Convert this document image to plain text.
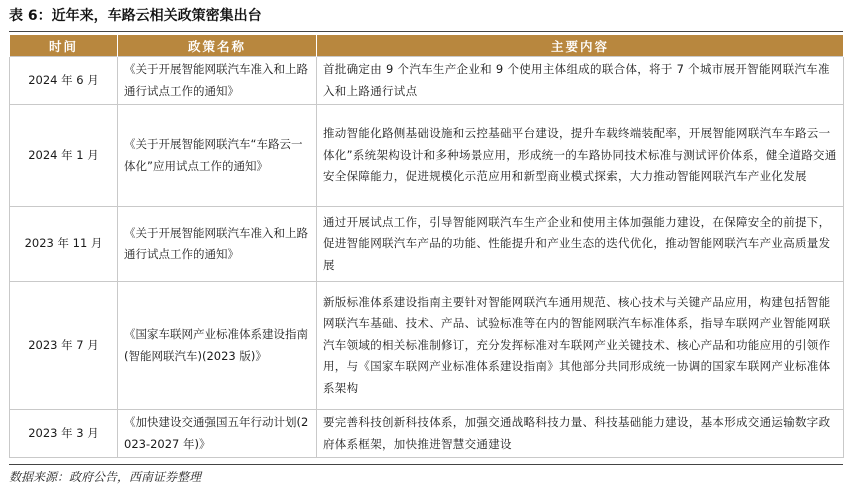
表 6：近年来，车路云相关政策密集出台
时间	政策名称	主要内容
2024 年 6 月	《关于开展智能网联汽车准入和上路通行试点工作的通知》	首批确定由 9 个汽车生产企业和 9 个使用主体组成的联合体，将于 7 个城市展开智能网联汽车准入和上路通行试点
2024 年 1 月	《关于开展智能网联汽车“车路云一体化”应用试点工作的通知》	推动智能化路侧基础设施和云控基础平台建设，提升车载终端装配率，开展智能网联汽车车路云一体化”系统架构设计和多种场景应用，形成统一的车路协同技术标准与测试评价体系，健全道路交通安全保障能力，促进规模化示范应用和新型商业模式探索，大力推动智能网联汽车产业化发展
2023 年 11 月	《关于开展智能网联汽车准入和上路通行试点工作的通知》	通过开展试点工作，引导智能网联汽车生产企业和使用主体加强能力建设，在保障安全的前提下，促进智能网联汽车产品的功能、性能提升和产业生态的迭代优化，推动智能网联汽车产业高质量发展
2023 年 7 月	《国家车联网产业标准体系建设指南(智能网联汽车)(2023 版)》	新版标准体系建设指南主要针对智能网联汽车通用规范、核心技术与关键产品应用，构建包括智能网联汽车基础、技术、产品、试验标准等在内的智能网联汽车标准体系，指导车联网产业智能网联汽车领域的相关标准制修订，充分发挥标准对车联网产业关键技术、核心产品和功能应用的引领作用，与《国家车联网产业标准体系建设指南》其他部分共同形成统一协调的国家车联网产业标准体系架构
2023 年 3 月	《加快建设交通强国五年行动计划(2023-2027 年)》	要完善科技创新科技体系，加强交通战略科技力量、科技基础能力建设，基本形成交通运输数字政府体系框架，加快推进智慧交通建设
数据来源：政府公告，西南证券整理
